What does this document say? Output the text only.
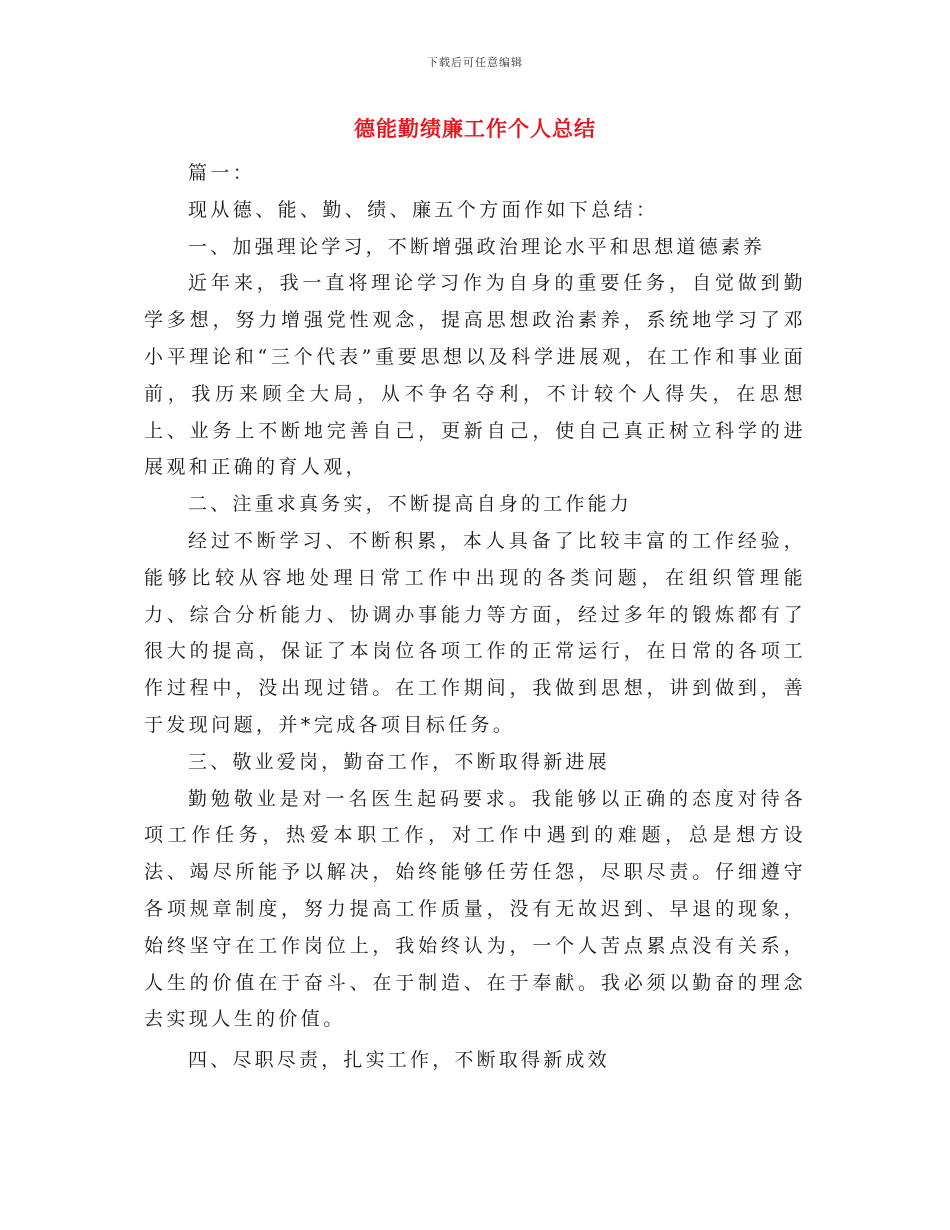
下载后可任意编辑
德能勤绩廉工作个人总结

篇一：

现从德、能、勤、绩、廉五个方面作如下总结：

一、加强理论学习，不断增强政治理论水平和思想道德素养

近年来，我一直将理论学习作为自身的重要任务，自觉做到勤学多想，努力增强党性观念，提高思想政治素养，系统地学习了邓小平理论和“三个代表”重要思想以及科学进展观，在工作和事业面前，我历来顾全大局，从不争名夺利，不计较个人得失，在思想上、业务上不断地完善自己，更新自己，使自己真正树立科学的进展观和正确的育人观，

二、注重求真务实，不断提高自身的工作能力

经过不断学习、不断积累，本人具备了比较丰富的工作经验，能够比较从容地处理日常工作中出现的各类问题，在组织管理能力、综合分析能力、协调办事能力等方面，经过多年的锻炼都有了很大的提高，保证了本岗位各项工作的正常运行，在日常的各项工作过程中，没出现过错。在工作期间，我做到思想，讲到做到，善于发现问题，并*完成各项目标任务。

三、敬业爱岗，勤奋工作，不断取得新进展

勤勉敬业是对一名医生起码要求。我能够以正确的态度对待各项工作任务，热爱本职工作，对工作中遇到的难题，总是想方设法、竭尽所能予以解决，始终能够任劳任怨，尽职尽责。仔细遵守各项规章制度，努力提高工作质量，没有无故迟到、早退的现象，始终坚守在工作岗位上，我始终认为，一个人苦点累点没有关系，人生的价值在于奋斗、在于制造、在于奉献。我必须以勤奋的理念去实现人生的价值。

四、尽职尽责，扎实工作，不断取得新成效
